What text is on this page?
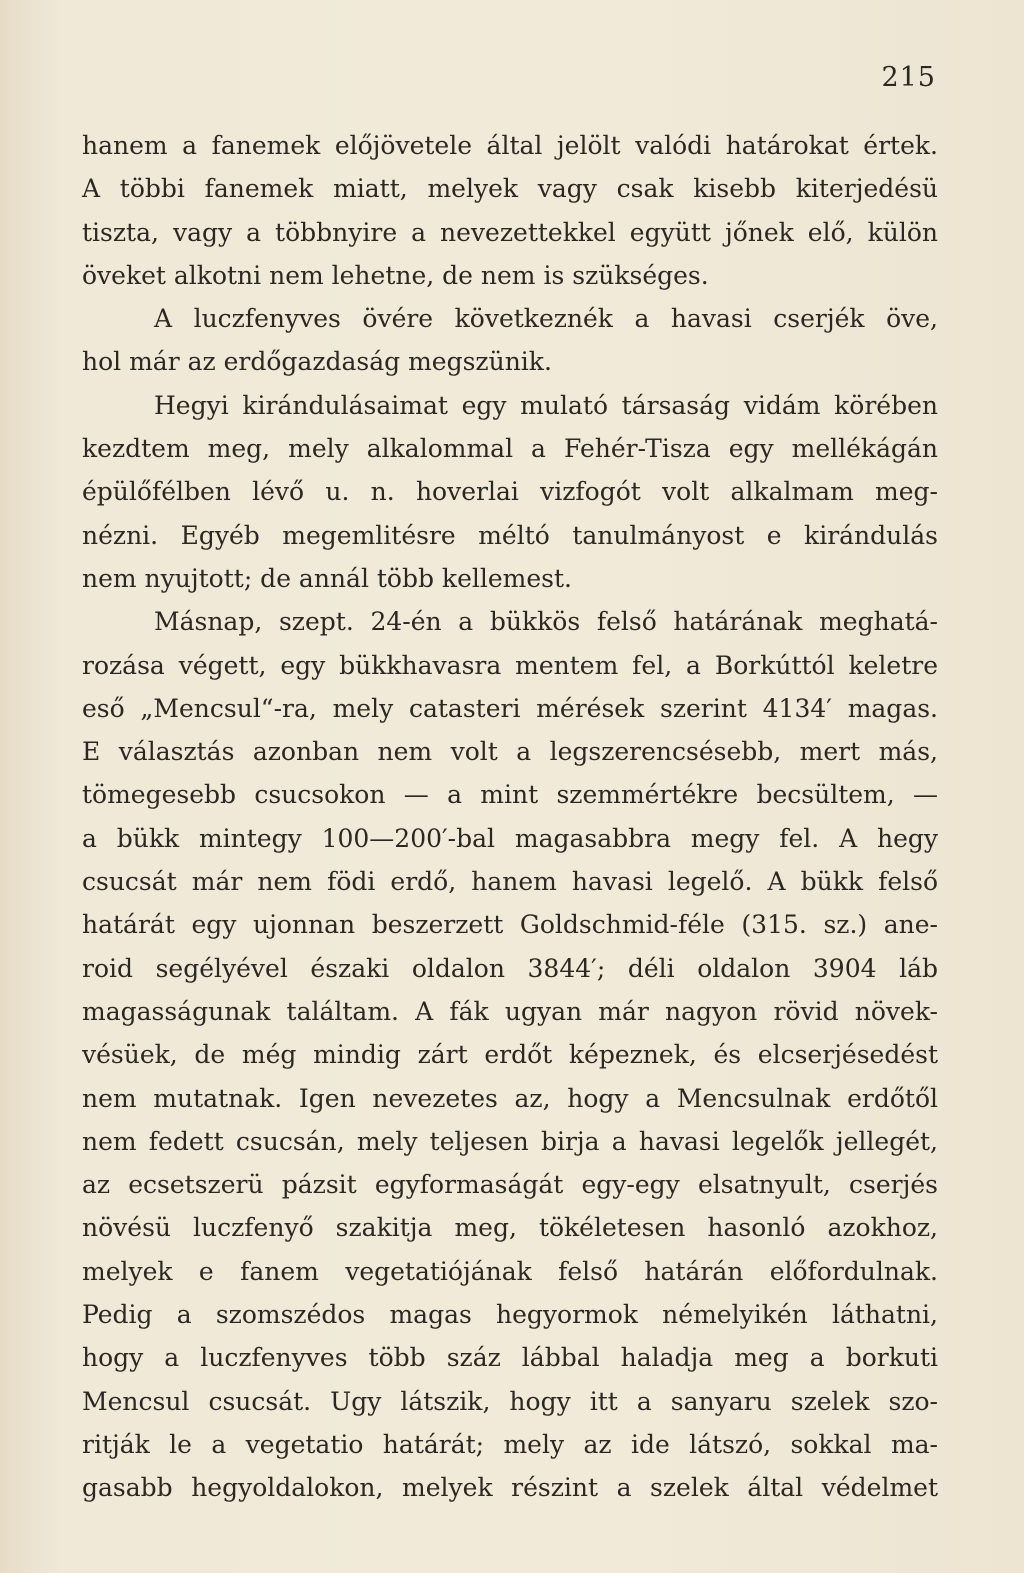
215
hanem a fanemek előjövetele által jelölt valódi határokat értek.
A többi fanemek miatt, melyek vagy csak kisebb kiterjedésü
tiszta, vagy a többnyire a nevezettekkel együtt jőnek elő, külön
öveket alkotni nem lehetne, de nem is szükséges.
A luczfenyves övére következnék a havasi cserjék öve,
hol már az erdőgazdaság megszünik.
Hegyi kirándulásaimat egy mulató társaság vidám körében
kezdtem meg, mely alkalommal a Fehér-Tisza egy mellékágán
épülőfélben lévő u. n. hoverlai vizfogót volt alkalmam meg-
nézni. Egyéb megemlitésre méltó tanulmányost e kirándulás
nem nyujtott; de annál több kellemest.
Másnap, szept. 24-én a bükkös felső határának meghatá-
rozása végett, egy bükkhavasra mentem fel, a Borkúttól keletre
eső „Mencsul“-ra, mely catasteri mérések szerint 4134′ magas.
E választás azonban nem volt a legszerencsésebb, mert más,
tömegesebb csucsokon — a mint szemmértékre becsültem, —
a bükk mintegy 100—200′-bal magasabbra megy fel. A hegy
csucsát már nem födi erdő, hanem havasi legelő. A bükk felső
határát egy ujonnan beszerzett Goldschmid-féle (315. sz.) ane-
roid segélyével északi oldalon 3844′; déli oldalon 3904 láb
magasságunak találtam. A fák ugyan már nagyon rövid növek-
vésüek, de még mindig zárt erdőt képeznek, és elcserjésedést
nem mutatnak. Igen nevezetes az, hogy a Mencsulnak erdőtől
nem fedett csucsán, mely teljesen birja a havasi legelők jellegét,
az ecsetszerü pázsit egyformaságát egy-egy elsatnyult, cserjés
növésü luczfenyő szakitja meg, tökéletesen hasonló azokhoz,
melyek e fanem vegetatiójának felső határán előfordulnak.
Pedig a szomszédos magas hegyormok némelyikén láthatni,
hogy a luczfenyves több száz lábbal haladja meg a borkuti
Mencsul csucsát. Ugy látszik, hogy itt a sanyaru szelek szo-
ritják le a vegetatio határát; mely az ide látszó, sokkal ma-
gasabb hegyoldalokon, melyek részint a szelek által védelmet
